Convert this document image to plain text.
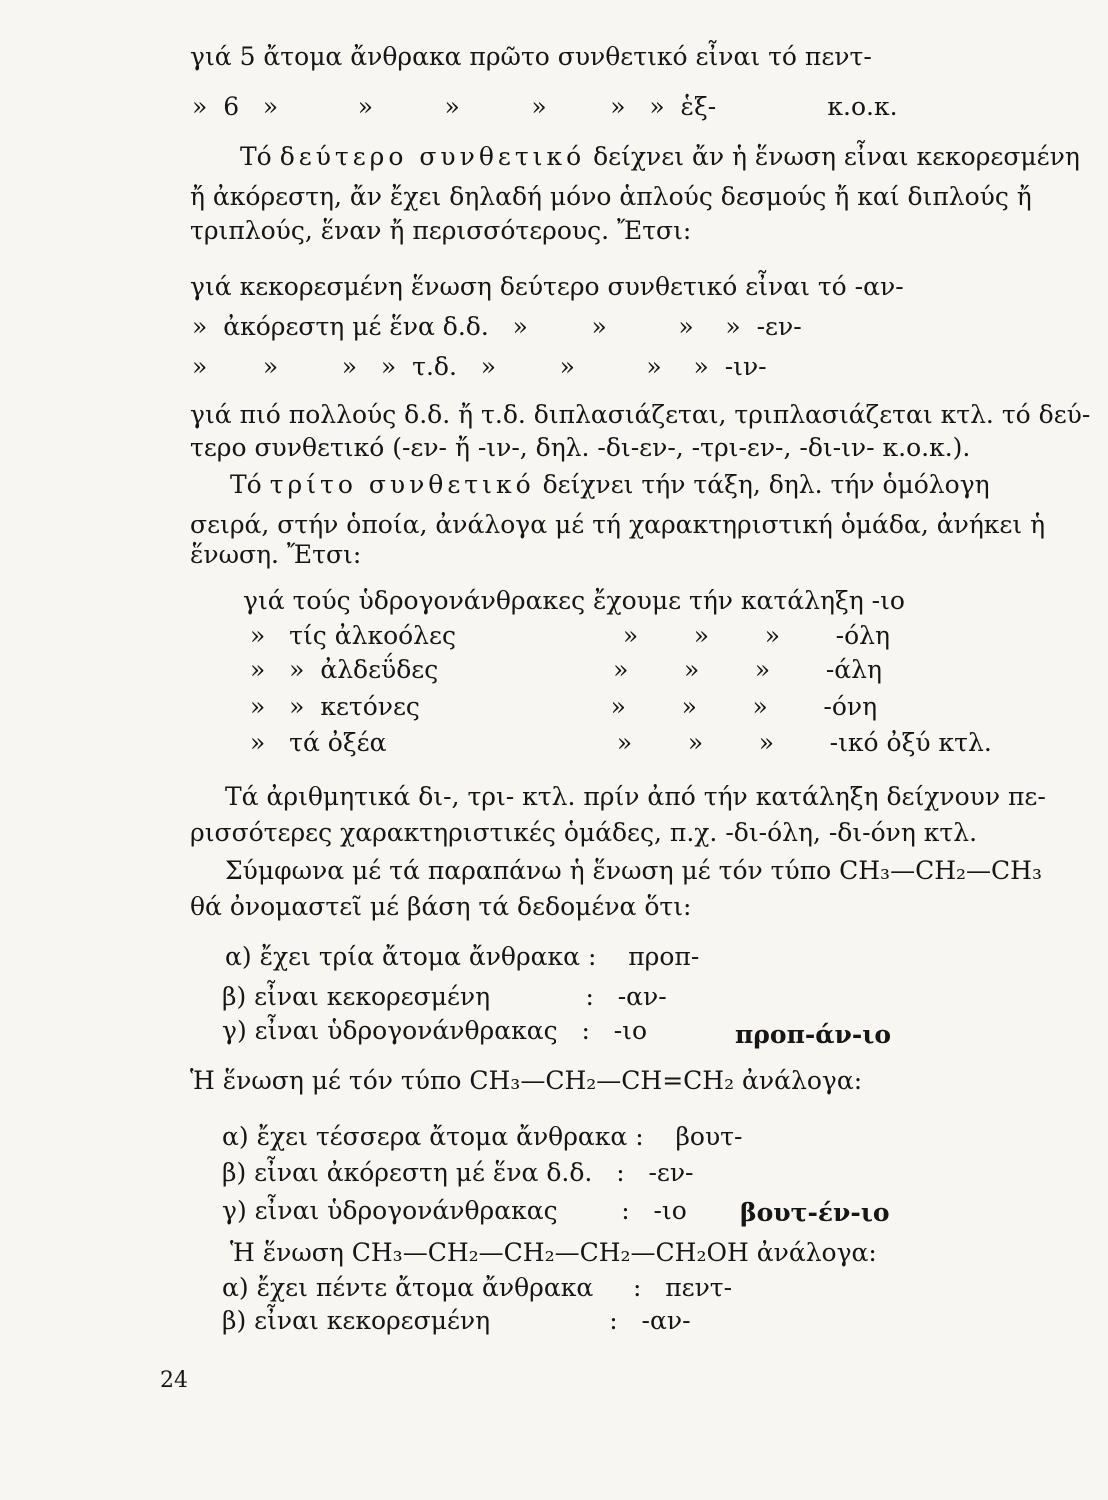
γιά 5 ἄτομα ἄνθρακα πρῶτο συνθετικό εἶναι τό πεντ-
»  6   »          »         »         »        »   »  ἑξ-              κ.ο.κ.
Τό δεύτερο συνθετικό δείχνει ἄν ἡ ἕνωση εἶναι κεκορεσμένη
ἤ ἀκόρεστη, ἄν ἔχει δηλαδή μόνο ἁπλούς δεσμούς ἤ καί διπλούς ἤ
τριπλούς, ἕναν ἤ περισσότερους. Ἔτσι:
γιά κεκορεσμένη ἕνωση δεύτερο συνθετικό εἶναι τό -αν-
»  ἀκόρεστη μέ ἕνα δ.δ.   »        »         »    »  -εν-
»       »        »   »  τ.δ.   »        »         »    »  -ιν-
γιά πιό πολλούς δ.δ. ἤ τ.δ. διπλασιάζεται, τριπλασιάζεται κτλ. τό δεύ-
τερο συνθετικό (-εν- ἤ -ιν-, δηλ. -δι-εν-, -τρι-εν-, -δι-ιν- κ.ο.κ.).
Τό τρίτο συνθετικό δείχνει τήν τάξη, δηλ. τήν ὁμόλογη
σειρά, στήν ὁποία, ἀνάλογα μέ τή χαρακτηριστική ὁμάδα, ἀνήκει ἡ
ἕνωση. Ἔτσι:
γιά τούς ὑδρογονάνθρακες ἔχουμε τήν κατάληξη -ιο
»   τίς ἀλκοόλες                     »       »       »       -όλη
»   »  ἀλδεΰδες                      »       »       »       -άλη
»   »  κετόνες                        »       »       »       -όνη
»   τά ὀξέα                             »       »       »       -ικό ὀξύ κτλ.
Τά ἀριθμητικά δι-, τρι- κτλ. πρίν ἀπό τήν κατάληξη δείχνουν πε-
ρισσότερες χαρακτηριστικές ὁμάδες, π.χ. -δι-όλη, -δι-όνη κτλ.
Σύμφωνα μέ τά παραπάνω ἡ ἕνωση μέ τόν τύπο CH₃—CH₂—CH₃
θά ὀνομαστεῖ μέ βάση τά δεδομένα ὅτι:
α) ἔχει τρία ἄτομα ἄνθρακα :    προπ-
β) εἶναι κεκορεσμένη            :   -αν-
γ) εἶναι ὑδρογονάνθρακας   :   -ιο	προπ-άν-ιο
Ἡ ἕνωση μέ τόν τύπο CH₃—CH₂—CH=CH₂ ἀνάλογα:
α) ἔχει τέσσερα ἄτομα ἄνθρακα :    βουτ-
β) εἶναι ἀκόρεστη μέ ἕνα δ.δ.   :   -εν-
γ) εἶναι ὑδρογονάνθρακας        :   -ιο βουτ-έν-ιο
Ἡ ἕνωση CH₃—CH₂—CH₂—CH₂—CH₂OH ἀνάλογα:
α) ἔχει πέντε ἄτομα ἄνθρακα     :   πεντ-
β) εἶναι κεκορεσμένη               :   -αν-
24
